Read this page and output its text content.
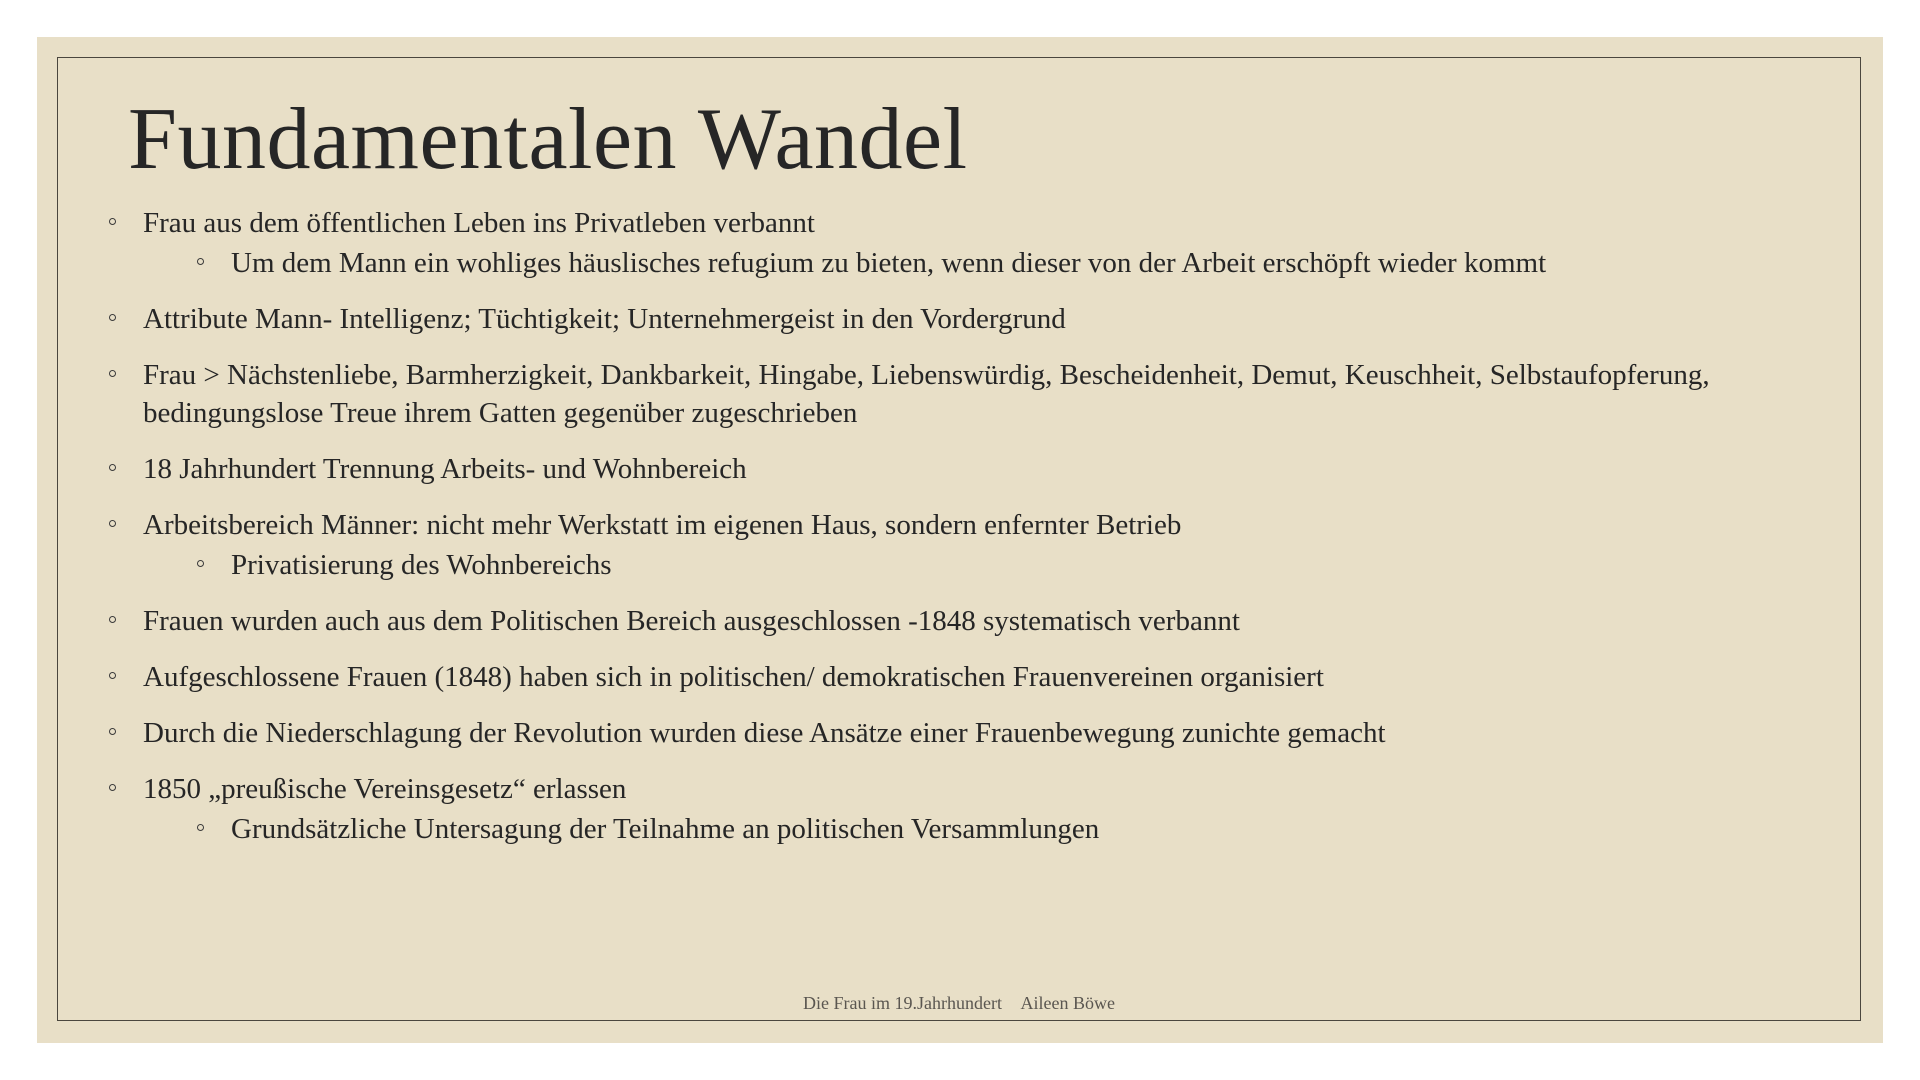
Fundamentalen Wandel
Frau aus dem öffentlichen Leben ins Privatleben verbannt
Um dem Mann ein wohliges häuslisches refugium zu bieten, wenn dieser von der Arbeit erschöpft wieder kommt
Attribute Mann- Intelligenz; Tüchtigkeit; Unternehmergeist in den Vordergrund
Frau > Nächstenliebe, Barmherzigkeit, Dankbarkeit, Hingabe, Liebenswürdig, Bescheidenheit, Demut, Keuschheit, Selbstaufopferung, bedingungslose Treue ihrem Gatten gegenüber zugeschrieben
18 Jahrhundert Trennung Arbeits- und Wohnbereich
Arbeitsbereich Männer: nicht mehr Werkstatt im eigenen Haus, sondern enfernter Betrieb
Privatisierung des Wohnbereichs
Frauen wurden auch aus dem Politischen Bereich ausgeschlossen -1848 systematisch verbannt
Aufgeschlossene Frauen (1848) haben sich in politischen/ demokratischen Frauenvereinen organisiert
Durch die Niederschlagung der Revolution wurden diese Ansätze einer Frauenbewegung zunichte gemacht
1850 „preußische Vereinsgesetz“ erlassen
Grundsätzliche Untersagung der Teilnahme an politischen Versammlungen
Die Frau im 19.Jahrhundert Aileen Böwe
